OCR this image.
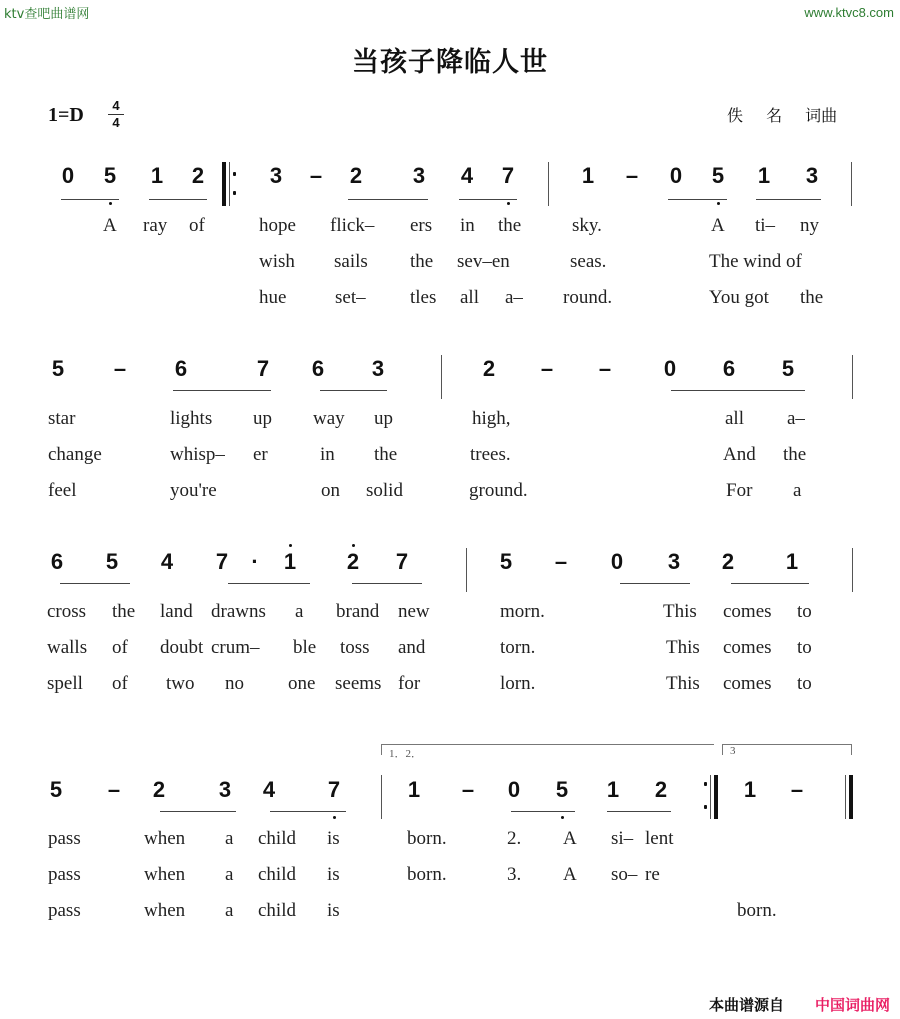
ktv查吧曲谱网	www.ktvc8.com
当孩子降临人世
1=D	4
4	佚 名 词曲
0 5 1 2	3 – 2 3 4 7	1 – 0 5 1 3
A ray of	hope flick– ers in the	sky.	A ti– ny
wish sails the sev–en	seas.	The wind of
hue	set– tles all a– round.	You got the
5 – 6	7 6 3	2 – – 0 6 5
star	lights up way up	high,	all a–
change	whisp– er	in the	trees.	And the
feel	you're	on solid	ground.	For a
6 5 4 7	·	1 2 7	5 – 0 3 2 1
cross the land drawns a brand new	morn.	This comes to
walls of doubt crum– ble toss and	torn.	This comes to
spell of two no one seems for	lorn.	This comes to
1．2．	3
5 – 2 3 4 7	1 – 0 5 1 2	1 –
pass	when a child is	born.	2. A si– lent
pass	when a child is	born.	3. A so– re
pass	when a child is	born.
本曲谱源自 中国词曲网
